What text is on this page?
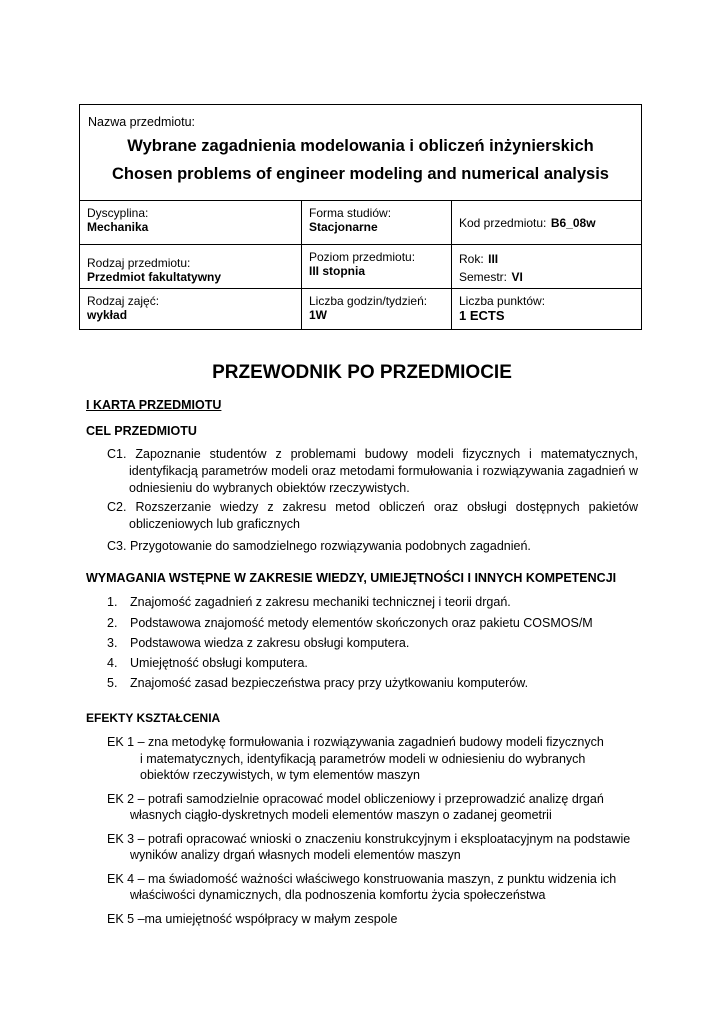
Nazwa przedmiotu:
Wybrane zagadnienia modelowania i obliczeń inżynierskich
Chosen problems of engineer modeling and numerical analysis
Dyscyplina:
Mechanika
Forma studiów:
Stacjonarne	Kod przedmiotu: B6_08w
Rodzaj przedmiotu:
Przedmiot fakultatywny
Poziom przedmiotu:
III stopnia
Rok: III
Semestr: VI
Rodzaj zajęć:
wykład
Liczba godzin/tydzień:
1W
Liczba punktów:
1 ECTS
PRZEWODNIK PO PRZEDMIOCIE
I KARTA PRZEDMIOTU
CEL PRZEDMIOTU
C1. Zapoznanie studentów z problemami budowy modeli fizycznych i matematycznych, identyfikacją parametrów modeli oraz metodami formułowania i rozwiązywania zagadnień w odniesieniu do wybranych obiektów rzeczywistych.
C2. Rozszerzanie wiedzy z zakresu metod obliczeń oraz obsługi dostępnych pakietów obliczeniowych lub graficznych
C3. Przygotowanie do samodzielnego rozwiązywania podobnych zagadnień.
WYMAGANIA WSTĘPNE W ZAKRESIE WIEDZY, UMIEJĘTNOŚCI I INNYCH KOMPETENCJI
1. Znajomość zagadnień z zakresu mechaniki technicznej i teorii drgań.
2. Podstawowa znajomość metody elementów skończonych oraz pakietu COSMOS/M
3. Podstawowa wiedza z zakresu obsługi komputera.
4. Umiejętność obsługi komputera.
5. Znajomość zasad bezpieczeństwa pracy przy użytkowaniu komputerów.
EFEKTY KSZTAŁCENIA
EK 1 – zna metodykę formułowania i rozwiązywania zagadnień budowy modeli fizycznych
i matematycznych, identyfikacją parametrów modeli w odniesieniu do wybranych
obiektów rzeczywistych, w tym elementów maszyn
EK 2 – potrafi samodzielnie opracować model obliczeniowy i przeprowadzić analizę drgań
własnych ciągło-dyskretnych modeli elementów maszyn o zadanej geometrii
EK 3 – potrafi opracować wnioski o znaczeniu konstrukcyjnym i eksploatacyjnym na podstawie
wyników analizy drgań własnych modeli elementów maszyn
EK 4 – ma świadomość ważności właściwego konstruowania maszyn, z punktu widzenia ich
właściwości dynamicznych, dla podnoszenia komfortu życia społeczeństwa
EK 5 –ma umiejętność współpracy w małym zespole
